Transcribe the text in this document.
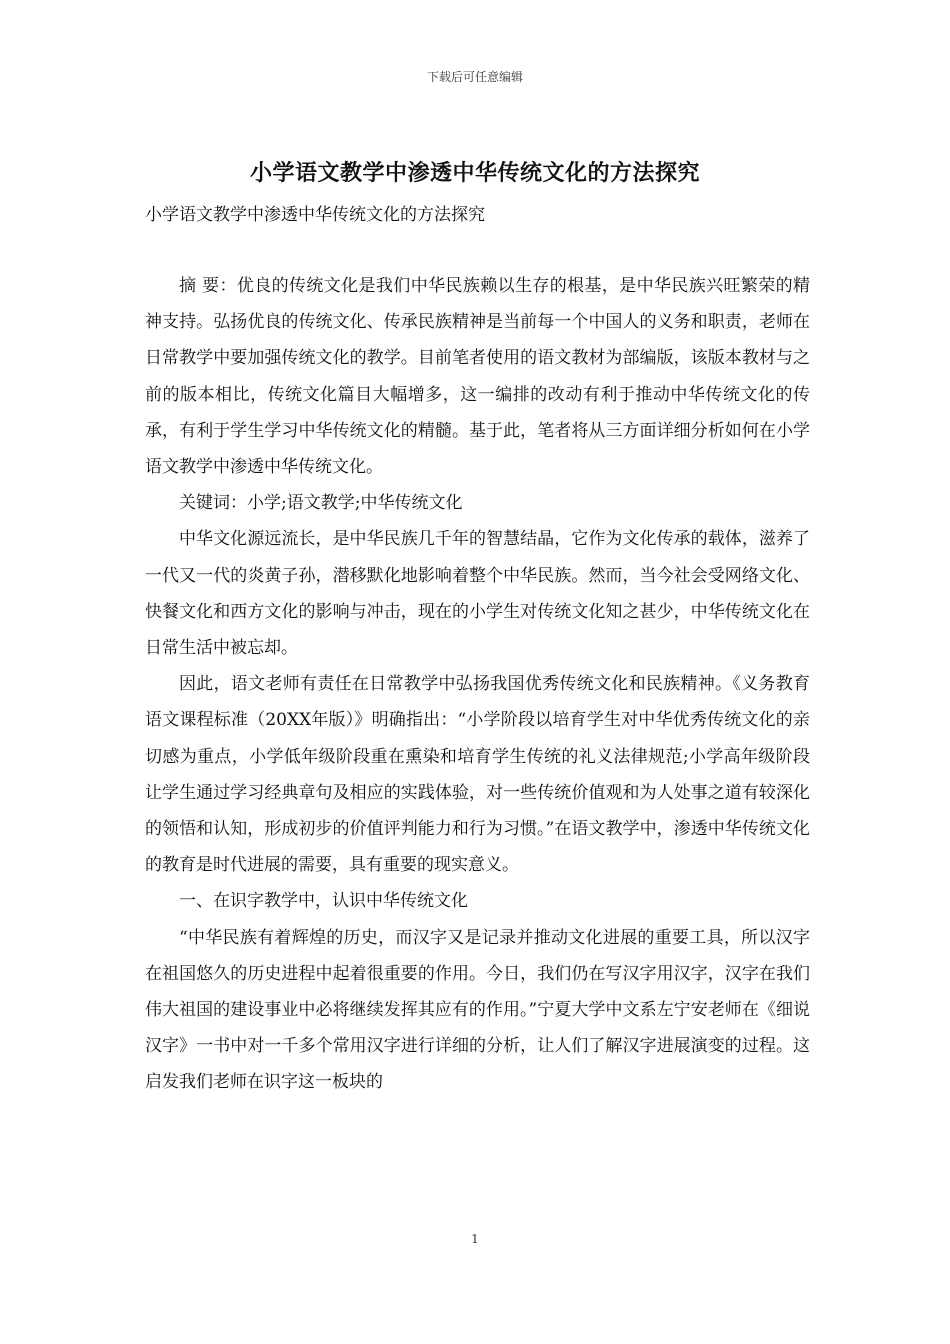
下载后可任意编辑
小学语文教学中渗透中华传统文化的方法探究

小学语文教学中渗透中华传统文化的方法探究

摘 要：优良的传统文化是我们中华民族赖以生存的根基，是中华民族兴旺繁荣的精神支持。弘扬优良的传统文化、传承民族精神是当前每一个中国人的义务和职责，老师在日常教学中要加强传统文化的教学。目前笔者使用的语文教材为部编版，该版本教材与之前的版本相比，传统文化篇目大幅增多，这一编排的改动有利于推动中华传统文化的传承，有利于学生学习中华传统文化的精髓。基于此，笔者将从三方面详细分析如何在小学语文教学中渗透中华传统文化。

关键词：小学;语文教学;中华传统文化

中华文化源远流长，是中华民族几千年的智慧结晶，它作为文化传承的载体，滋养了一代又一代的炎黄子孙，潜移默化地影响着整个中华民族。然而，当今社会受网络文化、快餐文化和西方文化的影响与冲击，现在的小学生对传统文化知之甚少，中华传统文化在日常生活中被忘却。

因此，语文老师有责任在日常教学中弘扬我国优秀传统文化和民族精神。《义务教育语文课程标准（20XX年版）》明确指出：“小学阶段以培育学生对中华优秀传统文化的亲切感为重点，小学低年级阶段重在熏染和培育学生传统的礼义法律规范;小学高年级阶段让学生通过学习经典章句及相应的实践体验，对一些传统价值观和为人处事之道有较深化的领悟和认知，形成初步的价值评判能力和行为习惯。”在语文教学中，渗透中华传统文化的教育是时代进展的需要，具有重要的现实意义。

一、在识字教学中，认识中华传统文化

“中华民族有着辉煌的历史，而汉字又是记录并推动文化进展的重要工具，所以汉字在祖国悠久的历史进程中起着很重要的作用。今日，我们仍在写汉字用汉字，汉字在我们伟大祖国的建设事业中必将继续发挥其应有的作用。”宁夏大学中文系左宁安老师在《细说汉字》一书中对一千多个常用汉字进行详细的分析，让人们了解汉字进展演变的过程。这启发我们老师在识字这一板块的

1
